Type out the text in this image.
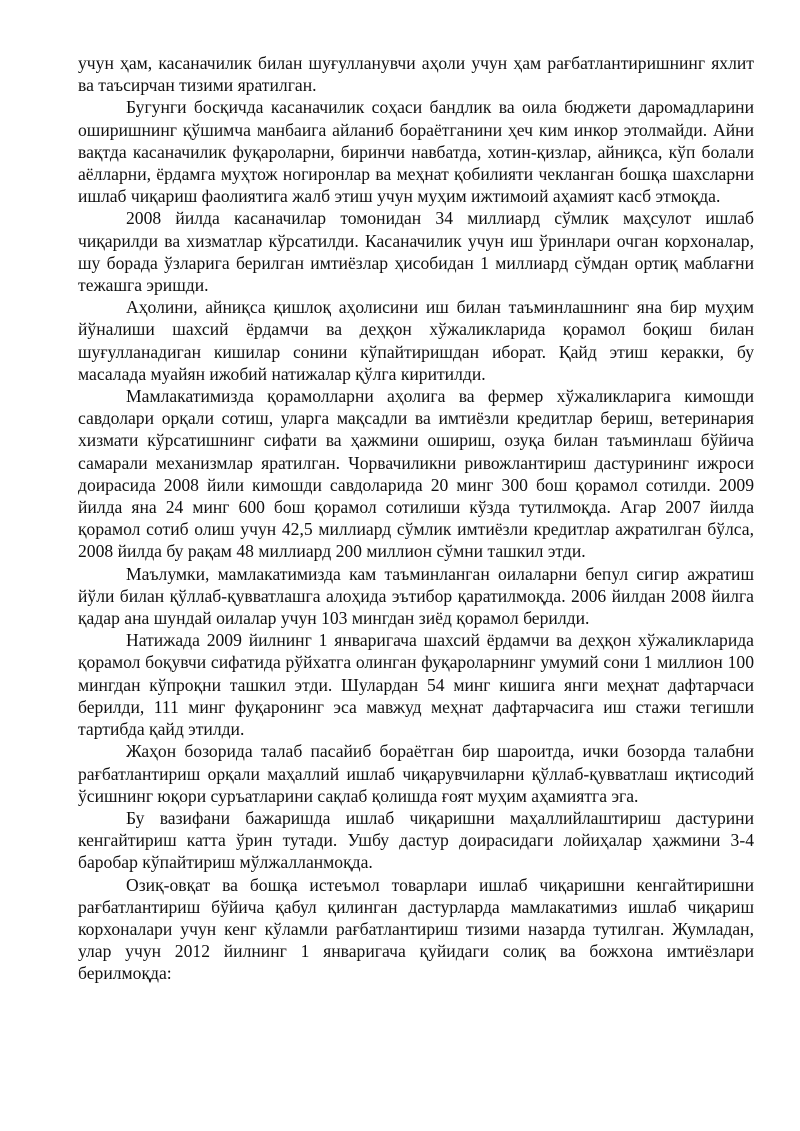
учун ҳам, касаначилик билан шуғулланувчи аҳоли учун ҳам рағбатлантиришнинг яхлит ва таъсирчан тизими яратилган.

Бугунги босқичда касаначилик соҳаси бандлик ва оила бюджети даромадларини оширишнинг қўшимча манбаига айланиб бораётганини ҳеч ким инкор этолмайди. Айни вақтда касаначилик фуқароларни, биринчи навбатда, хотин-қизлар, айниқса, кўп болали аёлларни, ёрдамга муҳтож ногиронлар ва меҳнат қобилияти чекланган бошқа шахсларни ишлаб чиқариш фаолиятига жалб этиш учун муҳим ижтимоий аҳамият касб этмоқда.

2008 йилда касаначилар томонидан 34 миллиард сўмлик маҳсулот ишлаб чиқарилди ва хизматлар кўрсатилди. Касаначилик учун иш ўринлари очган корхоналар, шу борада ўзларига берилган имтиёзлар ҳисобидан 1 миллиард сўмдан ортиқ маблағни тежашга эришди.

Аҳолини, айниқса қишлоқ аҳолисини иш билан таъминлашнинг яна бир муҳим йўналиши шахсий ёрдамчи ва деҳқон хўжаликларида қорамол боқиш билан шуғулланадиган кишилар сонини кўпайтиришдан иборат. Қайд этиш керакки, бу масалада муайян ижобий натижалар қўлга киритилди.

Мамлакатимизда қорамолларни аҳолига ва фермер хўжаликларига кимошди савдолари орқали сотиш, уларга мақсадли ва имтиёзли кредитлар бериш, ветеринария хизмати кўрсатишнинг сифати ва ҳажмини ошириш, озуқа билан таъминлаш бўйича самарали механизмлар яратилган. Чорвачиликни ривожлантириш дастурининг ижроси доирасида 2008 йили кимошди савдоларида 20 минг 300 бош қорамол сотилди. 2009 йилда яна 24 минг 600 бош қорамол сотилиши кўзда тутилмоқда. Агар 2007 йилда қорамол сотиб олиш учун 42,5 миллиард сўмлик имтиёзли кредитлар ажратилган бўлса, 2008 йилда бу рақам 48 миллиард 200 миллион сўмни ташкил этди.

Маълумки, мамлакатимизда кам таъминланган оилаларни бепул сигир ажратиш йўли билан қўллаб-қувватлашга алоҳида эътибор қаратилмоқда. 2006 йилдан 2008 йилга қадар ана шундай оилалар учун 103 мингдан зиёд қорамол берилди.

Натижада 2009 йилнинг 1 январигача шахсий ёрдамчи ва деҳқон хўжаликларида қорамол боқувчи сифатида рўйхатга олинган фуқароларнинг умумий сони 1 миллион 100 мингдан кўпроқни ташкил этди. Шулардан 54 минг кишига янги меҳнат дафтарчаси берилди, 111 минг фуқаронинг эса мавжуд меҳнат дафтарчасига иш стажи тегишли тартибда қайд этилди.

Жаҳон бозорида талаб пасайиб бораётган бир шароитда, ички бозорда талабни рағбатлантириш орқали маҳаллий ишлаб чиқарувчиларни қўллаб-қувватлаш иқтисодий ўсишнинг юқори суръатларини сақлаб қолишда ғоят муҳим аҳамиятга эга.

Бу вазифани бажаришда ишлаб чиқаришни маҳаллийлаштириш дастурини кенгайтириш катта ўрин тутади. Ушбу дастур доирасидаги лойиҳалар ҳажмини 3-4 баробар кўпайтириш мўлжалланмоқда.

Озиқ-овқат ва бошқа истеъмол товарлари ишлаб чиқаришни кенгайтиришни рағбатлантириш бўйича қабул қилинган дастурларда мамлакатимиз ишлаб чиқариш корхоналари учун кенг кўламли рағбатлантириш тизими назарда тутилган. Жумладан, улар учун 2012 йилнинг 1 январигача қуйидаги солиқ ва божхона имтиёзлари берилмоқда:
